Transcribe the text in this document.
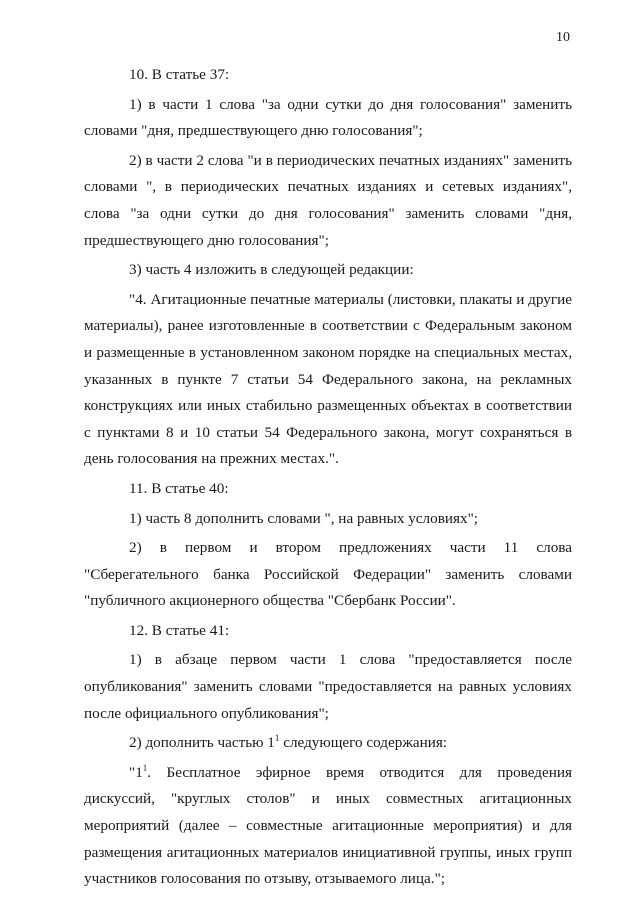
10

10. В статье 37:

1) в части 1 слова "за одни сутки до дня голосования" заменить словами "дня, предшествующего дню голосования";

2) в части 2 слова "и в периодических печатных изданиях" заменить словами ", в периодических печатных изданиях и сетевых изданиях", слова "за одни сутки до дня голосования" заменить словами "дня, предшествующего дню голосования";

3) часть 4 изложить в следующей редакции:

"4. Агитационные печатные материалы (листовки, плакаты и другие материалы), ранее изготовленные в соответствии с Федеральным законом и размещенные в установленном законом порядке на специальных местах, указанных в пункте 7 статьи 54 Федерального закона, на рекламных конструкциях или иных стабильно размещенных объектах в соответствии с пунктами 8 и 10 статьи 54 Федерального закона, могут сохраняться в день голосования на прежних местах.".

11. В статье 40:

1) часть 8 дополнить словами ", на равных условиях";

2) в первом и втором предложениях части 11 слова "Сберегательного банка Российской Федерации" заменить словами "публичного акционерного общества "Сбербанк России".

12. В статье 41:

1) в абзаце первом части 1 слова "предоставляется после опубликования" заменить словами "предоставляется на равных условиях после официального опубликования";

2) дополнить частью $1^1$ следующего содержания:

"$1^1$. Бесплатное эфирное время отводится для проведения дискуссий, "круглых столов" и иных совместных агитационных мероприятий (далее – совместные агитационные мероприятия) и для размещения агитационных материалов инициативной группы, иных групп участников голосования по отзыву, отзываемого лица.";
